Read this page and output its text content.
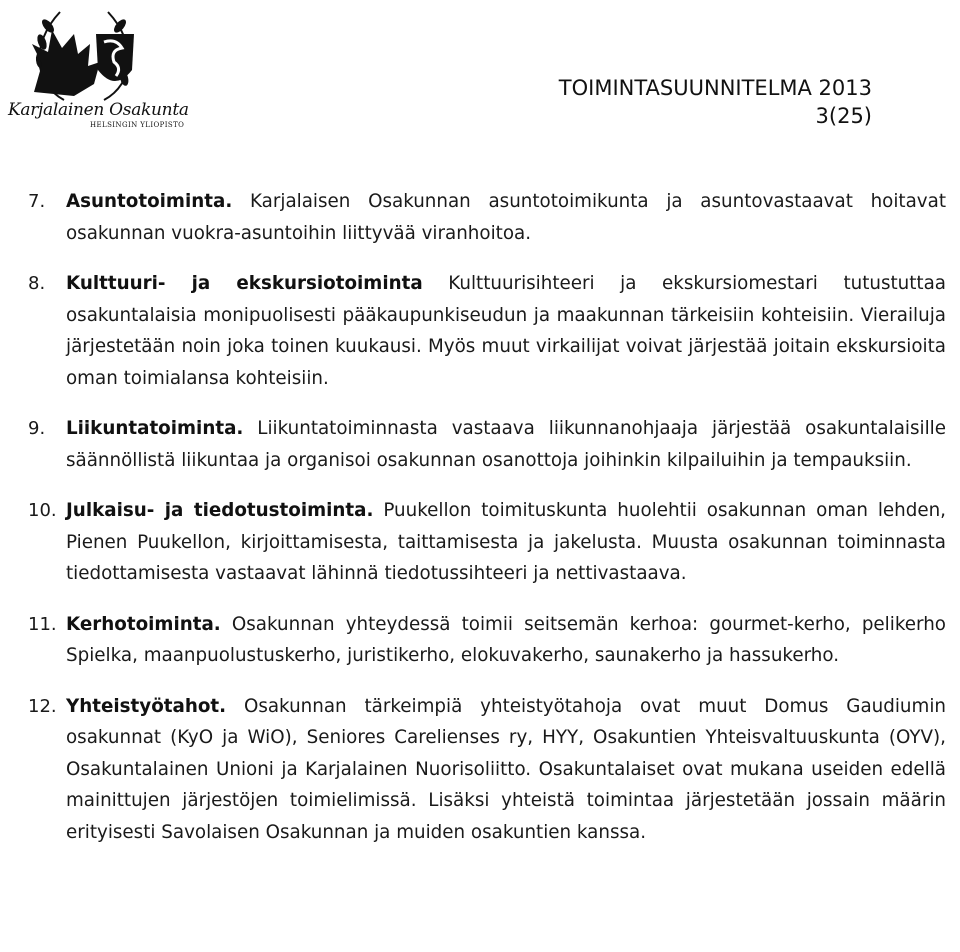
Karjalainen Osakunta
HELSINGIN YLIOPISTO
TOIMINTASUUNNITELMA 2013
3(25)
7.	Asuntotoiminta. Karjalaisen Osakunnan asuntotoimikunta ja asuntovastaavat hoitavat osakunnan vuokra-asuntoihin liittyvää viranhoitoa.
8.	Kulttuuri- ja ekskursiotoiminta Kulttuurisihteeri ja ekskursiomestari tutustuttaa osakuntalaisia monipuolisesti pääkaupunkiseudun ja maakunnan tärkeisiin kohteisiin. Vierailuja järjestetään noin joka toinen kuukausi. Myös muut virkailijat voivat järjestää joitain ekskursioita oman toimialansa kohteisiin.
9.	Liikuntatoiminta. Liikuntatoiminnasta vastaava liikunnanohjaaja järjestää osakuntalaisille säännöllistä liikuntaa ja organisoi osakunnan osanottoja joihinkin kilpailuihin ja tempauksiin.
10. Julkaisu- ja tiedotustoiminta. Puukellon toimituskunta huolehtii osakunnan oman lehden, Pienen Puukellon, kirjoittamisesta, taittamisesta ja jakelusta. Muusta osakunnan toiminnasta tiedottamisesta vastaavat lähinnä tiedotussihteeri ja nettivastaava.
11. Kerhotoiminta. Osakunnan yhteydessä toimii seitsemän kerhoa: gourmet-kerho, pelikerho Spielka, maanpuolustuskerho, juristikerho, elokuvakerho, saunakerho ja hassukerho.
12. Yhteistyötahot. Osakunnan tärkeimpiä yhteistyötahoja ovat muut Domus Gaudiumin osakunnat (KyO ja WiO), Seniores Carelienses ry, HYY, Osakuntien Yhteisvaltuuskunta (OYV), Osakuntalainen Unioni ja Karjalainen Nuorisoliitto. Osakuntalaiset ovat mukana useiden edellä mainittujen järjestöjen toimielimissä. Lisäksi yhteistä toimintaa järjestetään jossain määrin erityisesti Savolaisen Osakunnan ja muiden osakuntien kanssa.
